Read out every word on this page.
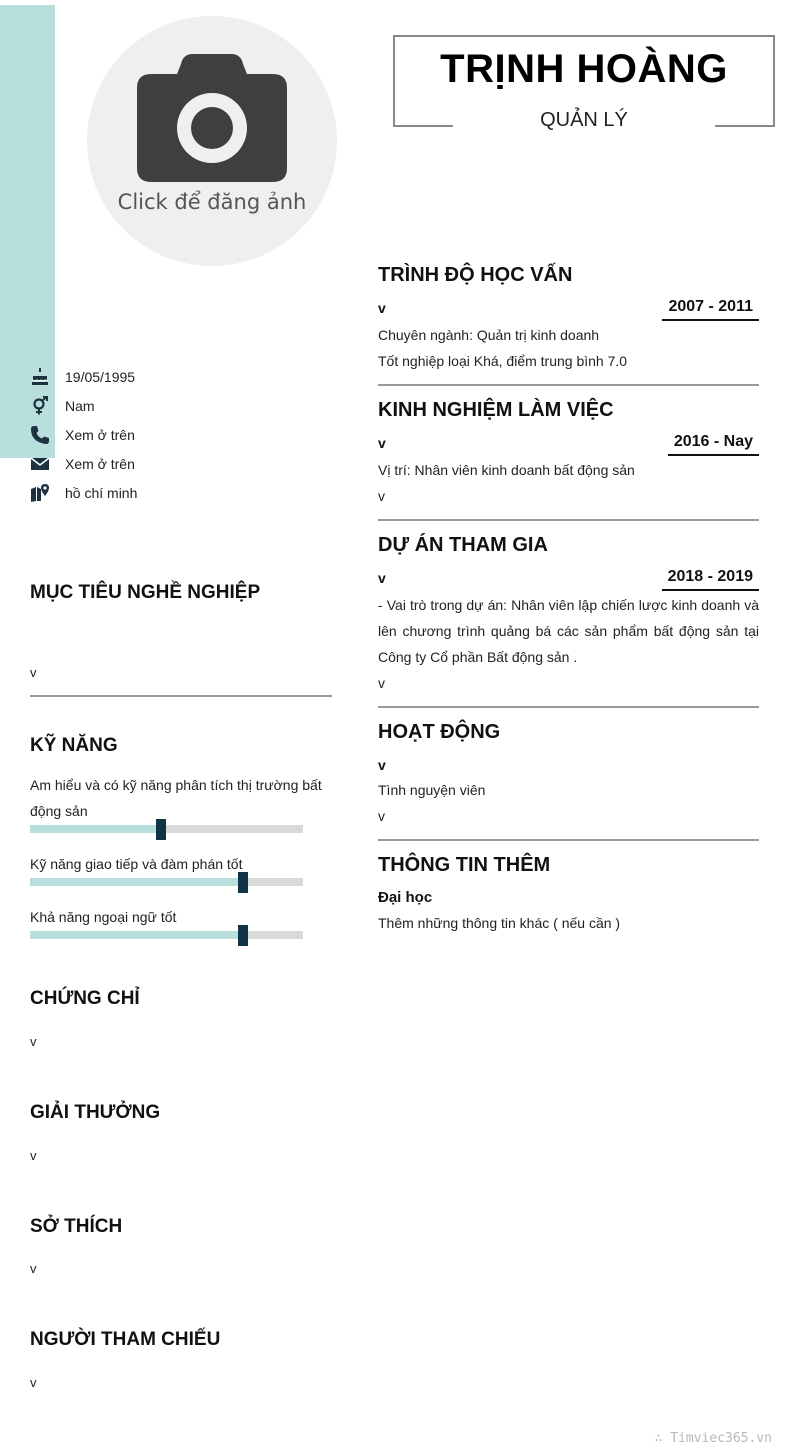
Click để đăng ảnh
TRỊNH HOÀNG
QUẢN LÝ
19/05/1995
Nam
Xem ở trên
Xem ở trên
hồ chí minh
MỤC TIÊU NGHỀ NGHIỆP
v
KỸ NĂNG
Am hiểu và có kỹ năng phân tích thị trường bất động sản
Kỹ năng giao tiếp và đàm phán tốt
Khả năng ngoại ngữ tốt
CHỨNG CHỈ
v
GIẢI THƯỞNG
v
SỞ THÍCH
v
NGƯỜI THAM CHIẾU
v
TRÌNH ĐỘ HỌC VẤN
v	2007 - 2011
Chuyên ngành: Quản trị kinh doanh
Tốt nghiệp loại Khá, điểm trung bình 7.0
KINH NGHIỆM LÀM VIỆC
v	2016 - Nay
Vị trí: Nhân viên kinh doanh bất động sản
v
DỰ ÁN THAM GIA
v	2018 - 2019
- Vai trò trong dự án: Nhân viên lập chiến lược kinh doanh và lên chương trình quảng bá các sản phẩm bất động sản tại Công ty Cổ phần Bất động sản .
v
HOẠT ĐỘNG
v
Tình nguyện viên
v
THÔNG TIN THÊM
Đại học
Thêm những thông tin khác ( nếu cần )
∴ Timviec365.vn
